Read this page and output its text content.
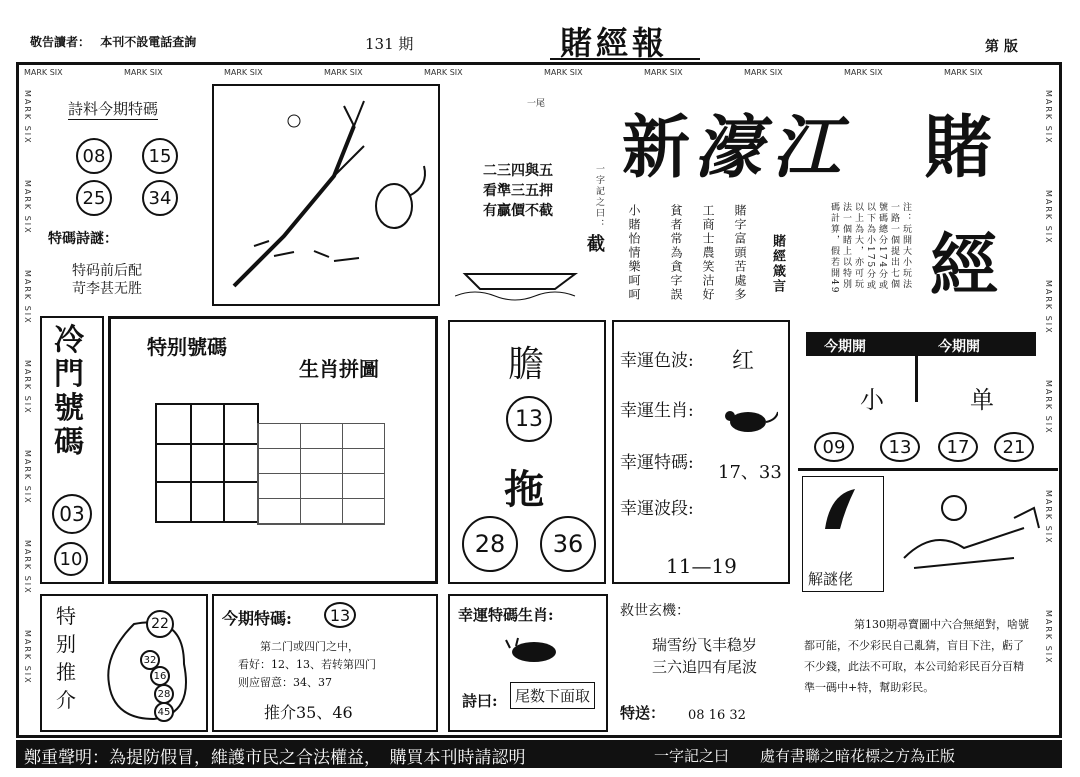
敬告讀者： 本刊不設電話查詢	131 期	賭經報	第 版
MARK SIX	MARK SIX	MARK SIX	MARK SIX	MARK SIX	MARK SIX	MARK SIX	MARK SIX	MARK SIX	MARK SIX
詩料今期特碼
08	15
25	34
特碼詩謎：
特码前后配
苛李甚无胜
一尾
二三四與五
看準三五押
有贏價不截	一字記之曰：
截
新 濠 江 賭
經
賭字富頭苦處多
工商士農笑沽好
貧者常為貪字誤
小賭怡情樂呵呵	賭經箴言	注：玩開大小玩法一路一個提出七個號碼總分174分或以下為小175分或以上為大，亦可玩法一個睹上以特別碼計算，假若開49
冷門號碼
03
10
特别號碼
生肖拼圖	膽
13
拖
28	36
幸運色波: 红
幸運生肖:
幸運特碼: 17、33
幸運波段:
11—19
今期開	今期開
小	单
09	13	17	21
解謎佬
MARK SIX
MARK SIX
MARK SIX
MARK SIX
MARK SIX
MARK SIX
MARK SIX
MARK SIX
MARK SIX
MARK SIX
MARK SIX
MARK SIX
MARK SIX
特别推介
22
32
16
28
45
今期特碼:	13
第二门或四门之中，
看好：12、13、若转第四门
则应留意：34、37
推介35、46
幸運特碼生肖:
詩曰:	尾数下面取
救世玄機：
瑞雪纷飞丰稳岁
三六追四有尾波
特送： 08 16 32
第130期尋寶圖中六合無絕對，啥號都可能，不少彩民自己亂猜，盲目下注，虧了不少錢，此法不可取，本公司給彩民百分百精準一碼中+特，幫助彩民。
鄭重聲明：為提防假冒，維護市民之合法權益，　購買本刊時請認明	一字記之曰 處有書聯之暗花標之方為正版
